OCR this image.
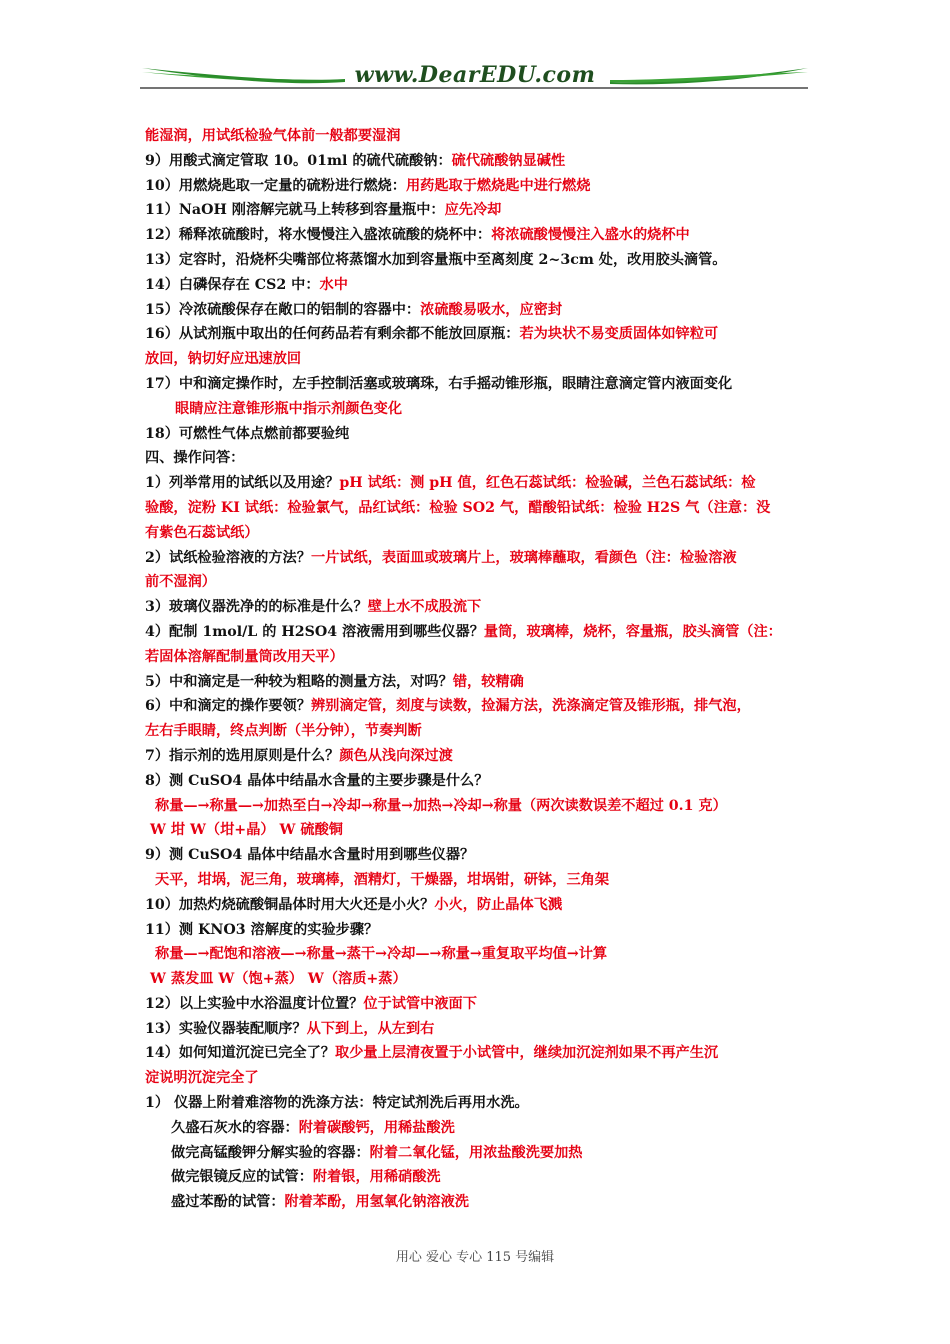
www.DearEDU.com
能湿润，用试纸检验气体前一般都要湿润
9）用酸式滴定管取 10。01ml 的硫代硫酸钠：硫代硫酸钠显碱性
10）用燃烧匙取一定量的硫粉进行燃烧：用药匙取于燃烧匙中进行燃烧
11）NaOH 刚溶解完就马上转移到容量瓶中：应先冷却
12）稀释浓硫酸时，将水慢慢注入盛浓硫酸的烧杯中：将浓硫酸慢慢注入盛水的烧杯中
13）定容时，沿烧杯尖嘴部位将蒸馏水加到容量瓶中至离刻度 2~3cm 处，改用胶头滴管。
14）白磷保存在 CS2 中：水中
15）冷浓硫酸保存在敞口的铝制的容器中：浓硫酸易吸水，应密封
16）从试剂瓶中取出的任何药品若有剩余都不能放回原瓶：若为块状不易变质固体如锌粒可
放回，钠切好应迅速放回
17）中和滴定操作时，左手控制活塞或玻璃珠，右手摇动锥形瓶，眼睛注意滴定管内液面变化
眼睛应注意锥形瓶中指示剂颜色变化
18）可燃性气体点燃前都要验纯
四、操作问答：
1）列举常用的试纸以及用途？pH 试纸：测 pH 值，红色石蕊试纸：检验碱，兰色石蕊试纸：检
验酸，淀粉 KI 试纸：检验氯气，品红试纸：检验 SO2 气，醋酸铅试纸：检验 H2S 气（注意：没
有紫色石蕊试纸）
2）试纸检验溶液的方法？一片试纸，表面皿或玻璃片上，玻璃棒蘸取，看颜色（注：检验溶液
前不湿润）
3）玻璃仪器洗净的的标准是什么？壁上水不成股流下
4）配制 1mol/L 的 H2SO4 溶液需用到哪些仪器？量筒，玻璃棒，烧杯，容量瓶，胶头滴管（注：
若固体溶解配制量筒改用天平）
5）中和滴定是一种较为粗略的测量方法，对吗？错，较精确
6）中和滴定的操作要领？辨别滴定管，刻度与读数，捡漏方法，洗涤滴定管及锥形瓶，排气泡，
左右手眼睛，终点判断（半分钟），节奏判断
7）指示剂的选用原则是什么？颜色从浅向深过渡
8）测 CuSO4 晶体中结晶水含量的主要步骤是什么？
称量—→称量—→加热至白→冷却→称量→加热→冷却→称量（两次读数误差不超过 0.1 克）
W 坩 W（坩+晶） W 硫酸铜
9）测 CuSO4 晶体中结晶水含量时用到哪些仪器？
天平，坩埚，泥三角，玻璃棒，酒精灯，干燥器，坩埚钳，研钵，三角架
10）加热灼烧硫酸铜晶体时用大火还是小火？小火，防止晶体飞溅
11）测 KNO3 溶解度的实验步骤？
称量—→配饱和溶液—→称量→蒸干→冷却—→称量→重复取平均值→计算
W 蒸发皿 W（饱+蒸） W（溶质+蒸）
12）以上实验中水浴温度计位置？位于试管中液面下
13）实验仪器装配顺序？从下到上，从左到右
14）如何知道沉淀已完全了？取少量上层清夜置于小试管中，继续加沉淀剂如果不再产生沉
淀说明沉淀完全了
1） 仪器上附着难溶物的洗涤方法：特定试剂洗后再用水洗。
久盛石灰水的容器：附着碳酸钙，用稀盐酸洗
做完高锰酸钾分解实验的容器：附着二氧化锰，用浓盐酸洗要加热
做完银镜反应的试管：附着银，用稀硝酸洗
盛过苯酚的试管：附着苯酚，用氢氧化钠溶液洗
用心 爱心 专心 115 号编辑
